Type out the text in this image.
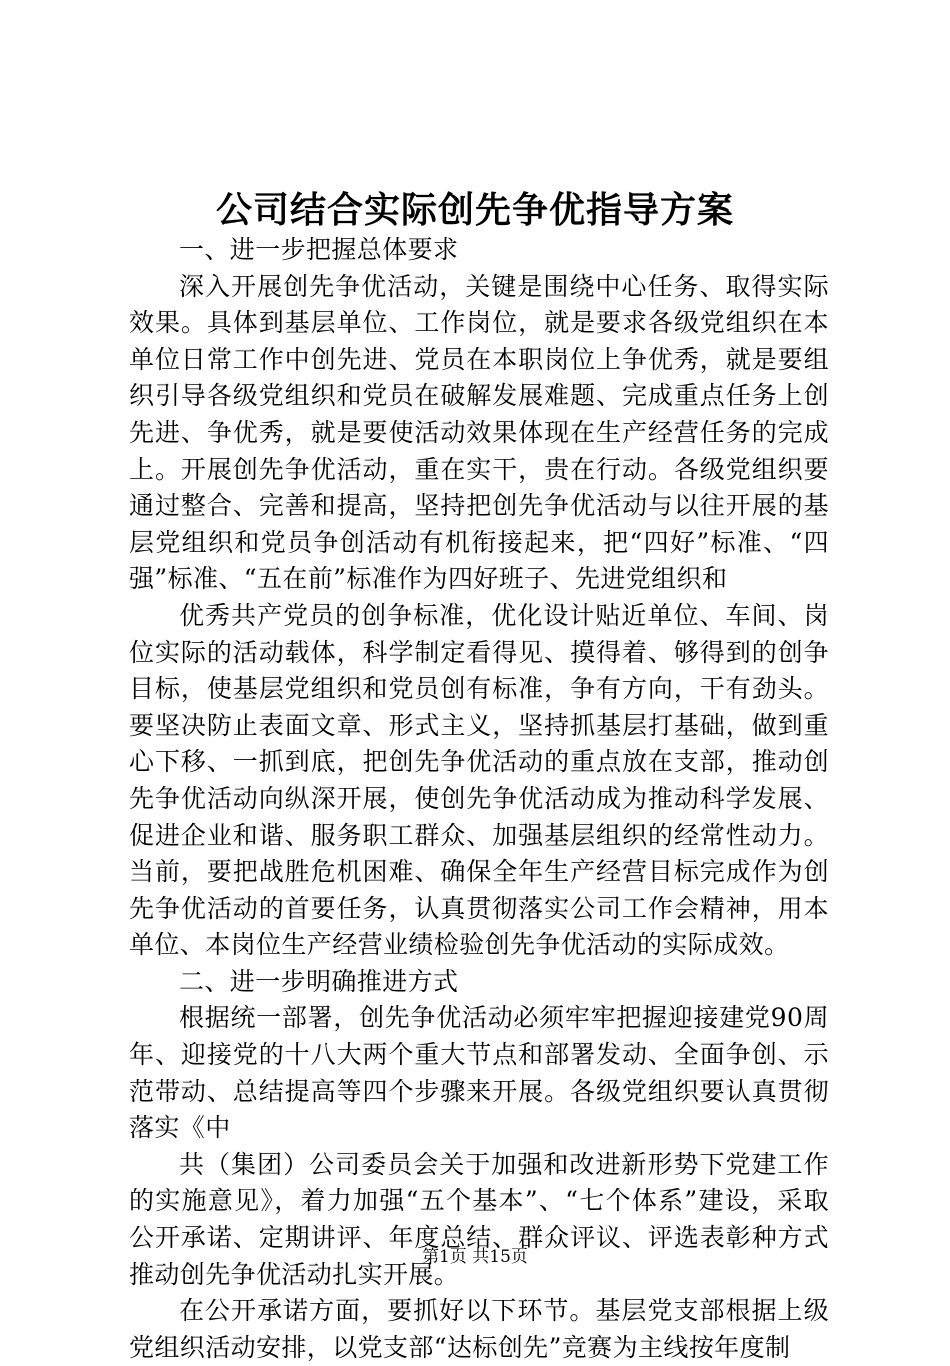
公司结合实际创先争优指导方案

一、进一步把握总体要求

深入开展创先争优活动，关键是围绕中心任务、取得实际效果。具体到基层单位、工作岗位，就是要求各级党组织在本单位日常工作中创先进、党员在本职岗位上争优秀，就是要组织引导各级党组织和党员在破解发展难题、完成重点任务上创先进、争优秀，就是要使活动效果体现在生产经营任务的完成上。开展创先争优活动，重在实干，贵在行动。各级党组织要通过整合、完善和提高，坚持把创先争优活动与以往开展的基层党组织和党员争创活动有机衔接起来，把“四好”标准、“四强”标准、“五在前”标准作为四好班子、先进党组织和

优秀共产党员的创争标准，优化设计贴近单位、车间、岗位实际的活动载体，科学制定看得见、摸得着、够得到的创争目标，使基层党组织和党员创有标准，争有方向，干有劲头。要坚决防止表面文章、形式主义，坚持抓基层打基础，做到重心下移、一抓到底，把创先争优活动的重点放在支部，推动创先争优活动向纵深开展，使创先争优活动成为推动科学发展、促进企业和谐、服务职工群众、加强基层组织的经常性动力。当前，要把战胜危机困难、确保全年生产经营目标完成作为创先争优活动的首要任务，认真贯彻落实公司工作会精神，用本单位、本岗位生产经营业绩检验创先争优活动的实际成效。

二、进一步明确推进方式

根据统一部署，创先争优活动必须牢牢把握迎接建党90周年、迎接党的十八大两个重大节点和部署发动、全面争创、示范带动、总结提高等四个步骤来开展。各级党组织要认真贯彻落实《中

共（集团）公司委员会关于加强和改进新形势下党建工作的实施意见》，着力加强“五个基本”、“七个体系”建设，采取公开承诺、定期讲评、年度总结、群众评议、评选表彰种方式推动创先争优活动扎实开展。

在公开承诺方面，要抓好以下环节。基层党支部根据上级党组织活动安排，以党支部“达标创先”竞赛为主线按年度制

第1页 共15页
